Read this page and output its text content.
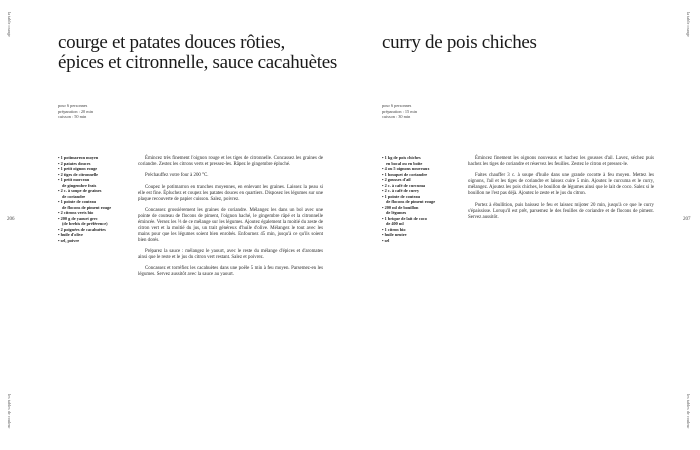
la table orange
206
les tables de couleur
courge et patates douces rôties,
épices et citronnelle, sauce cacahuètes
pour 6 personnes
préparation : 20 min
cuisson : 50 min
• 1 potimarron moyen
• 2 patates douces
• 1 petit oignon rouge
• 2 tiges de citronnelle
• 1 petit morceau
de gingembre frais
• 2 c. à soupe de graines
de coriandre
• 1 pointe de couteau
de flocons de piment rouge
• 2 citrons verts bio
• 200 g de yaourt grec
(de brebis de préférence)
• 2 poignées de cacahuètes
• huile d'olive
• sel, poivre

Émincez très finement l'oignon rouge et les tiges de citronnelle. Concassez les graines de coriandre. Zestez les citrons verts et pressez-les. Râpez le gingembre épluché.

Préchauffez votre four à 200 °C.

Coupez le potimarron en tranches moyennes, en enlevant les graines. Laissez la peau si elle est fine. Épluchez et coupez les patates douces en quartiers. Disposez les légumes sur une plaque recouverte de papier cuisson. Salez, poivrez.

Concassez grossièrement les graines de coriandre. Mélangez les dans un bol avec une pointe de couteau de flocons de piment, l'oignon haché, le gingembre râpé et la citronnelle émincée. Versez les ⅔ de ce mélange sur les légumes. Ajoutez également la moitié du zeste de citron vert et la moitié du jus, un trait généreux d'huile d'olive. Mélangez le tout avec les mains pour que les légumes soient bien enrobés. Enfournez 45 min, jusqu'à ce qu'ils soient bien dorés.

Préparez la sauce : mélangez le yaourt, avec le reste du mélange d'épices et d'aromates ainsi que le reste et le jus du citron vert restant. Salez et poivrez.

Concassez et torréfiez les cacahuètes dans une poêle 5 min à feu moyen. Parsemez-en les légumes. Servez aussitôt avec la sauce au yaourt.

la table orange
207
les tables de couleur
curry de pois chiches
pour 6 personnes
préparation : 15 min
cuisson : 30 min
• 1 kg de pois chiches
en bocal ou en boîte
• 4 ou 5 oignons nouveaux
• 1 bouquet de coriandre
• 2 gousses d'ail
• 2 c. à café de curcuma
• 2 c. à café de curry
• 1 pointe de couteau
de flocons de piment rouge
• 200 ml de bouillon
de légumes
• 1 brique de lait de coco
de 400 ml
• 1 citron bio
• huile neutre
• sel

Émincez finement les oignons nouveaux et hachez les gousses d'ail. Lavez, séchez puis hachez les tiges de coriandre et réservez les feuilles. Zestez le citron et pressez-le.

Faites chauffer 3 c. à soupe d'huile dans une grande cocotte à feu moyen. Mettez les oignons, l'ail et les tiges de coriandre et laissez cuire 5 min. Ajoutez le curcuma et le curry, mélangez. Ajoutez les pois chiches, le bouillon de légumes ainsi que le lait de coco. Salez si le bouillon ne l'est pas déjà. Ajoutez le zeste et le jus du citron.

Portez à ébullition, puis baissez le feu et laissez mijoter 20 min, jusqu'à ce que le curry s'épaississe. Lorsqu'il est prêt, parsemez le des feuilles de coriandre et de flocons de piment. Servez aussitôt.
